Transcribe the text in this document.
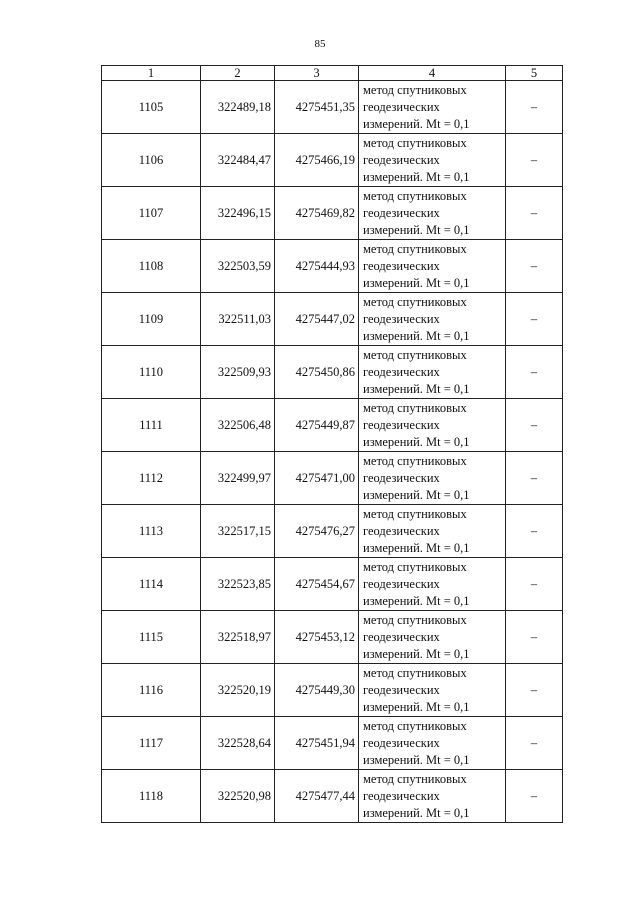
85
1	2	3	4	5
1105	322489,18	4275451,35	метод спутниковых
геодезических
измерений. Mt = 0,1	–
1106	322484,47	4275466,19	метод спутниковых
геодезических
измерений. Mt = 0,1	–
1107	322496,15	4275469,82	метод спутниковых
геодезических
измерений. Mt = 0,1	–
1108	322503,59	4275444,93	метод спутниковых
геодезических
измерений. Mt = 0,1	–
1109	322511,03	4275447,02	метод спутниковых
геодезических
измерений. Mt = 0,1	–
1110	322509,93	4275450,86	метод спутниковых
геодезических
измерений. Mt = 0,1	–
1111	322506,48	4275449,87	метод спутниковых
геодезических
измерений. Mt = 0,1	–
1112	322499,97	4275471,00	метод спутниковых
геодезических
измерений. Mt = 0,1	–
1113	322517,15	4275476,27	метод спутниковых
геодезических
измерений. Mt = 0,1	–
1114	322523,85	4275454,67	метод спутниковых
геодезических
измерений. Mt = 0,1	–
1115	322518,97	4275453,12	метод спутниковых
геодезических
измерений. Mt = 0,1	–
1116	322520,19	4275449,30	метод спутниковых
геодезических
измерений. Mt = 0,1	–
1117	322528,64	4275451,94	метод спутниковых
геодезических
измерений. Mt = 0,1	–
1118	322520,98	4275477,44	метод спутниковых
геодезических
измерений. Mt = 0,1	–
